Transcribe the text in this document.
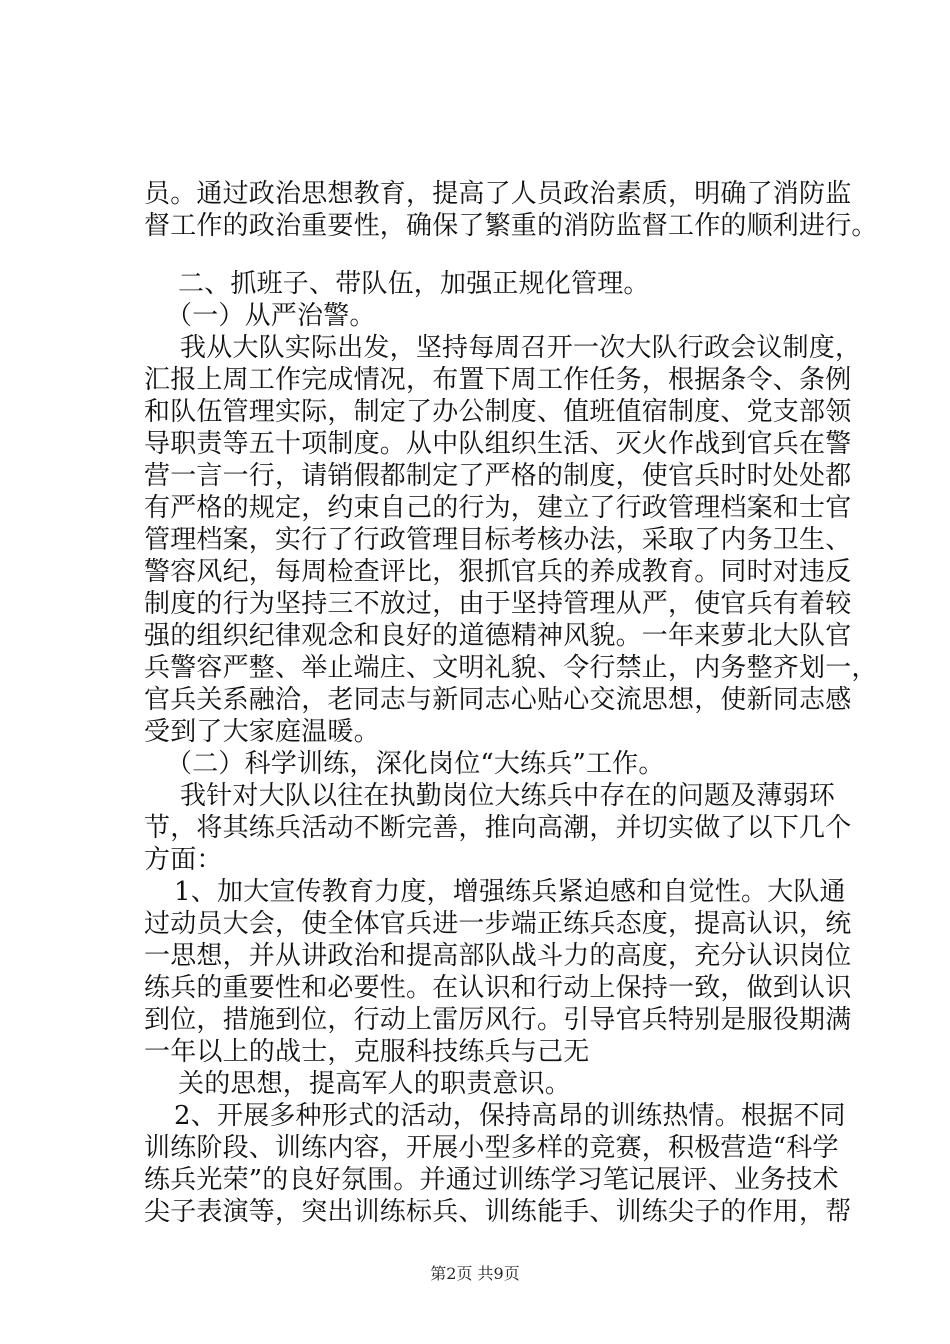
员。通过政治思想教育，提高了人员政治素质，明确了消防监
督工作的政治重要性，确保了繁重的消防监督工作的顺利进行。
二、抓班子、带队伍，加强正规化管理。
（一）从严治警。
我从大队实际出发，坚持每周召开一次大队行政会议制度，
汇报上周工作完成情况，布置下周工作任务，根据条令、条例
和队伍管理实际，制定了办公制度、值班值宿制度、党支部领
导职责等五十项制度。从中队组织生活、灭火作战到官兵在警
营一言一行，请销假都制定了严格的制度，使官兵时时处处都
有严格的规定，约束自己的行为，建立了行政管理档案和士官
管理档案，实行了行政管理目标考核办法，采取了内务卫生、
警容风纪，每周检查评比，狠抓官兵的养成教育。同时对违反
制度的行为坚持三不放过，由于坚持管理从严，使官兵有着较
强的组织纪律观念和良好的道德精神风貌。一年来萝北大队官
兵警容严整、举止端庄、文明礼貌、令行禁止，内务整齐划一，
官兵关系融洽，老同志与新同志心贴心交流思想，使新同志感
受到了大家庭温暖。
（二）科学训练，深化岗位“大练兵”工作。
我针对大队以往在执勤岗位大练兵中存在的问题及薄弱环
节，将其练兵活动不断完善，推向高潮，并切实做了以下几个
方面：
1、加大宣传教育力度，增强练兵紧迫感和自觉性。大队通
过动员大会，使全体官兵进一步端正练兵态度，提高认识，统
一思想，并从讲政治和提高部队战斗力的高度，充分认识岗位
练兵的重要性和必要性。在认识和行动上保持一致，做到认识
到位，措施到位，行动上雷厉风行。引导官兵特别是服役期满
一年以上的战士，克服科技练兵与己无
关的思想，提高军人的职责意识。
2、开展多种形式的活动，保持高昂的训练热情。根据不同
训练阶段、训练内容，开展小型多样的竞赛，积极营造“科学
练兵光荣”的良好氛围。并通过训练学习笔记展评、业务技术
尖子表演等，突出训练标兵、训练能手、训练尖子的作用，帮
第2页 共9页
